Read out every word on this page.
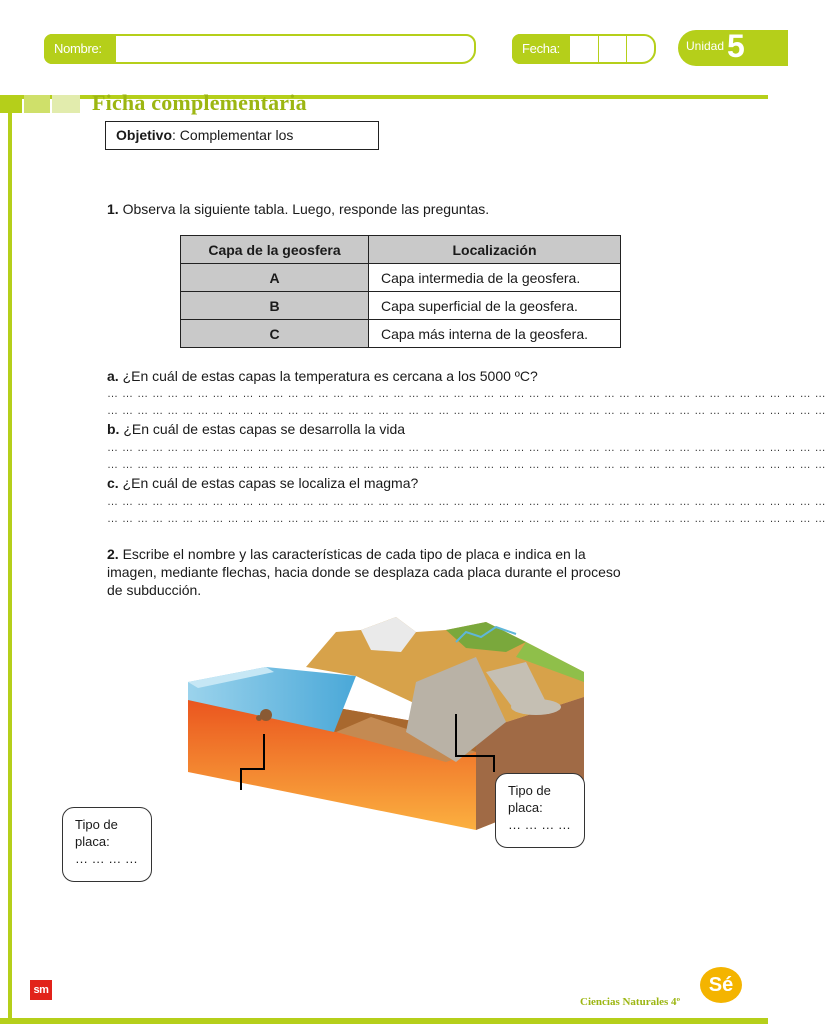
Nombre:	Fecha:	Unidad 5
Ficha complementaria
Objetivo: Complementar los
1. Observa la siguiente tabla. Luego, responde las preguntas.
Capa de la geosfera	Localización
A	Capa intermedia de la geosfera.
B	Capa superficial de la geosfera.
C	Capa más interna de la geosfera.
a. ¿En cuál de estas capas la temperatura es cercana a los 5000 ºC?
… … … … … … … … … … … … … … … … … … … … … … … … … … … … … … … … … … … … … … … … … … … … … … … …
… … … … … … … … … … … … … … … … … … … … … … … … … … … … … … … … … … … … … … … … … … … … … … … …
b. ¿En cuál de estas capas se desarrolla la vida
… … … … … … … … … … … … … … … … … … … … … … … … … … … … … … … … … … … … … … … … … … … … … … … …
… … … … … … … … … … … … … … … … … … … … … … … … … … … … … … … … … … … … … … … … … … … … … … … …
c. ¿En cuál de estas capas se localiza el magma?
… … … … … … … … … … … … … … … … … … … … … … … … … … … … … … … … … … … … … … … … … … … … … … … …
… … … … … … … … … … … … … … … … … … … … … … … … … … … … … … … … … … … … … … … … … … … … … … … …
2. Escribe el nombre y las características de cada tipo de placa e indica en la
imagen, mediante flechas, hacia donde se desplaza cada placa durante el proceso
de subducción.
Tipo de
placa:
… … … …
Tipo de
placa:
… … … …
sm
Ciencias Naturales 4º
Sé
